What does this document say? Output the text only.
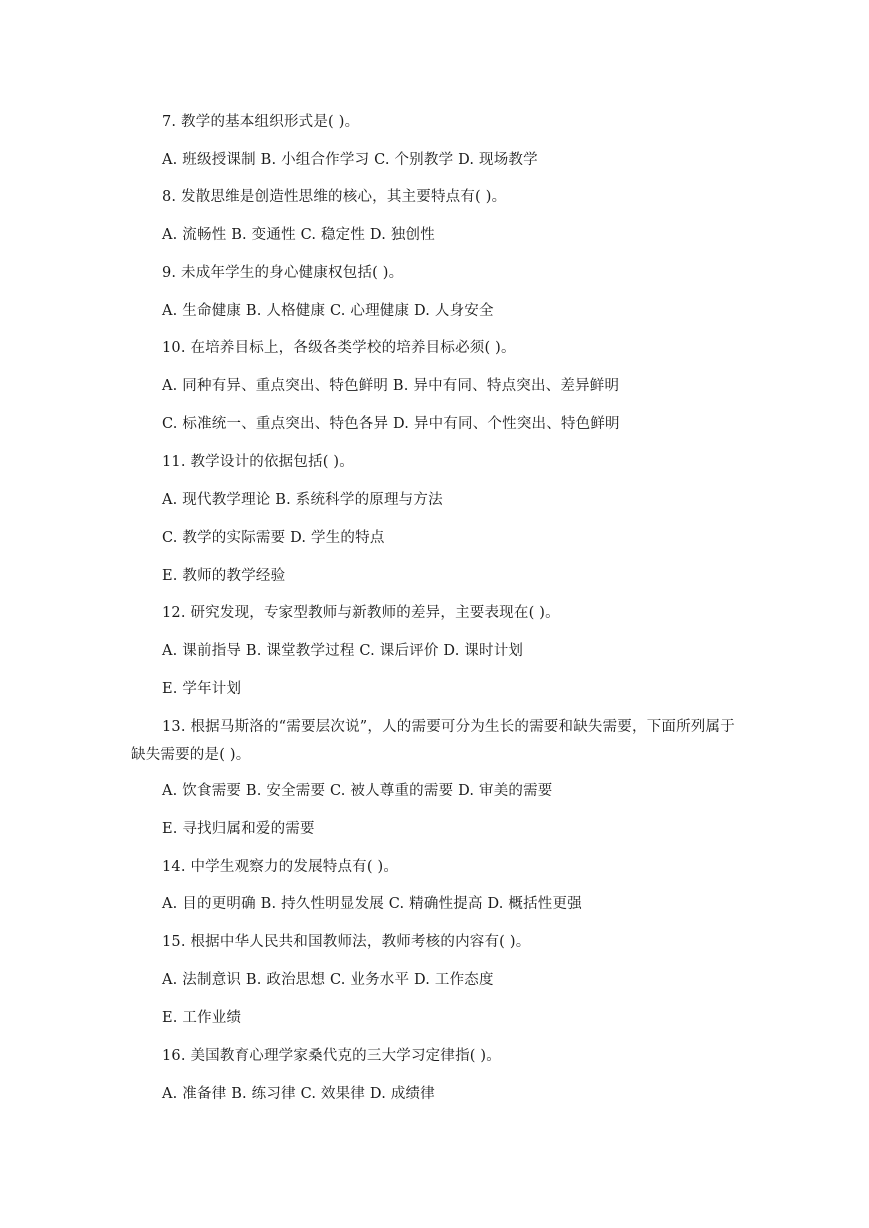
7. 教学的基本组织形式是( )。
A. 班级授课制 B. 小组合作学习 C. 个别教学 D. 现场教学
8. 发散思维是创造性思维的核心，其主要特点有( )。
A. 流畅性 B. 变通性 C. 稳定性 D. 独创性
9. 未成年学生的身心健康权包括( )。
A. 生命健康 B. 人格健康 C. 心理健康 D. 人身安全
10. 在培养目标上，各级各类学校的培养目标必须( )。
A. 同种有异、重点突出、特色鲜明 B. 异中有同、特点突出、差异鲜明
C. 标准统一、重点突出、特色各异 D. 异中有同、个性突出、特色鲜明
11. 教学设计的依据包括( )。
A. 现代教学理论 B. 系统科学的原理与方法
C. 教学的实际需要 D. 学生的特点
E. 教师的教学经验
12. 研究发现，专家型教师与新教师的差异，主要表现在( )。
A. 课前指导 B. 课堂教学过程 C. 课后评价 D. 课时计划
E. 学年计划
13. 根据马斯洛的“需要层次说”，人的需要可分为生长的需要和缺失需要，下面所列属于缺失需要的是( )。
A. 饮食需要 B. 安全需要 C. 被人尊重的需要 D. 审美的需要
E. 寻找归属和爱的需要
14. 中学生观察力的发展特点有( )。
A. 目的更明确 B. 持久性明显发展 C. 精确性提高 D. 概括性更强
15. 根据中华人民共和国教师法，教师考核的内容有( )。
A. 法制意识 B. 政治思想 C. 业务水平 D. 工作态度
E. 工作业绩
16. 美国教育心理学家桑代克的三大学习定律指( )。
A. 准备律 B. 练习律 C. 效果律 D. 成绩律
